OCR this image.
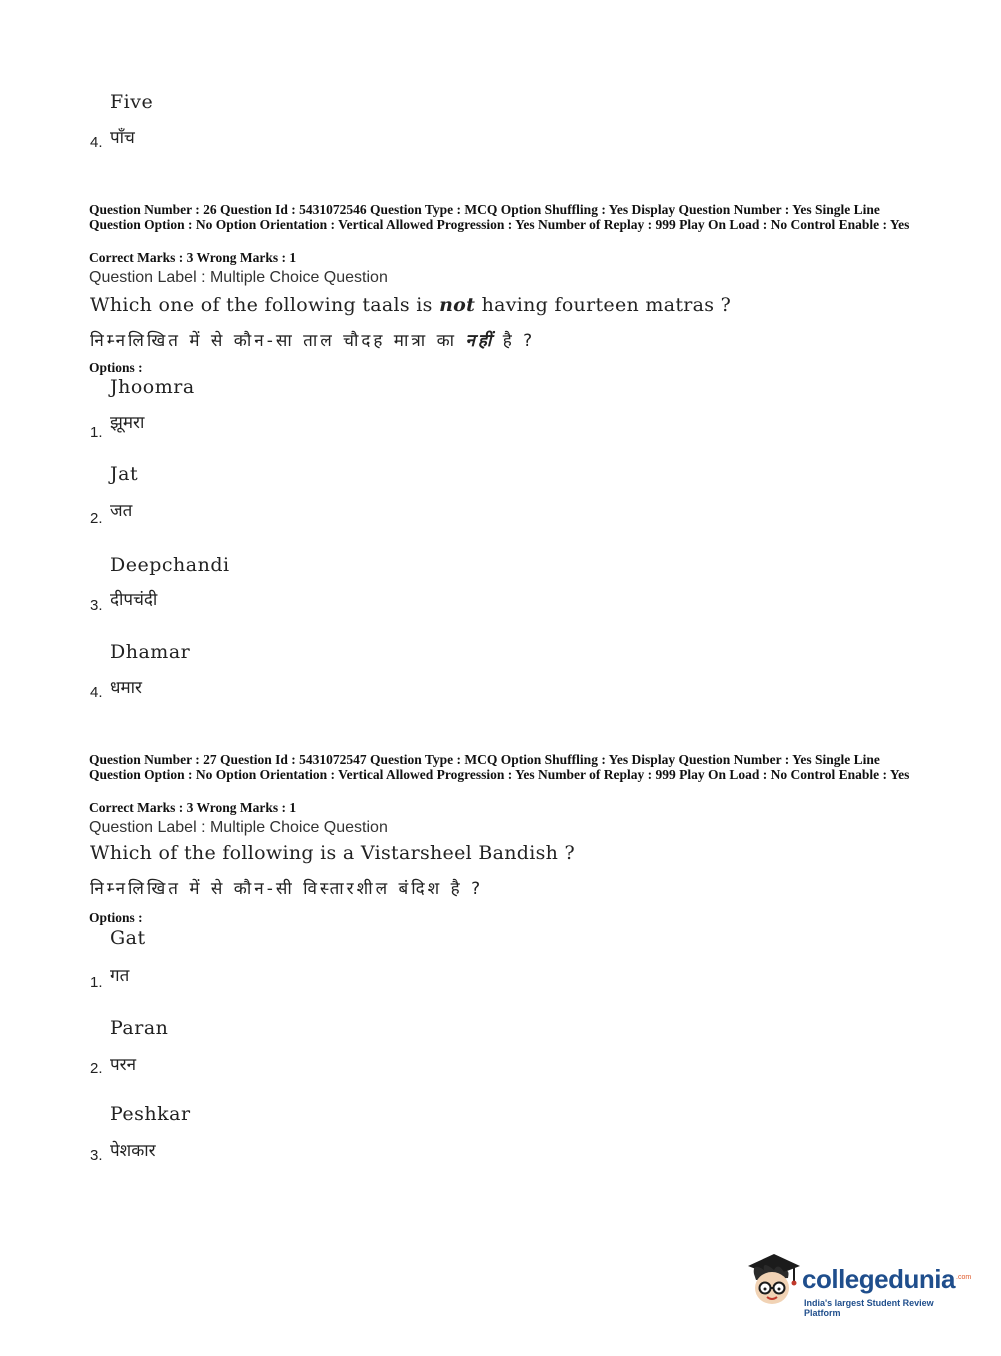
Five
4. पाँच
Question Number : 26 Question Id : 5431072546 Question Type : MCQ Option Shuffling : Yes Display Question Number : Yes Single Line Question Option : No Option Orientation : Vertical Allowed Progression : Yes Number of Replay : 999 Play On Load : No Control Enable : Yes
Correct Marks : 3 Wrong Marks : 1
Question Label : Multiple Choice Question
Which one of the following taals is not having fourteen matras ?
निम्नलिखित में से कौन-सा ताल चौदह मात्रा का नहीं है ?
Options :
Jhoomra
1. झूमरा
Jat
2. जत
Deepchandi
3. दीपचंदी
Dhamar
4. धमार
Question Number : 27 Question Id : 5431072547 Question Type : MCQ Option Shuffling : Yes Display Question Number : Yes Single Line Question Option : No Option Orientation : Vertical Allowed Progression : Yes Number of Replay : 999 Play On Load : No Control Enable : Yes
Correct Marks : 3 Wrong Marks : 1
Question Label : Multiple Choice Question
Which of the following is a Vistarsheel Bandish ?
निम्नलिखित में से कौन-सी विस्तारशील बंदिश है ?
Options :
Gat
1. गत
Paran
2. परन
Peshkar
3. पेशकार
collegedunia .com
India's largest Student Review Platform
